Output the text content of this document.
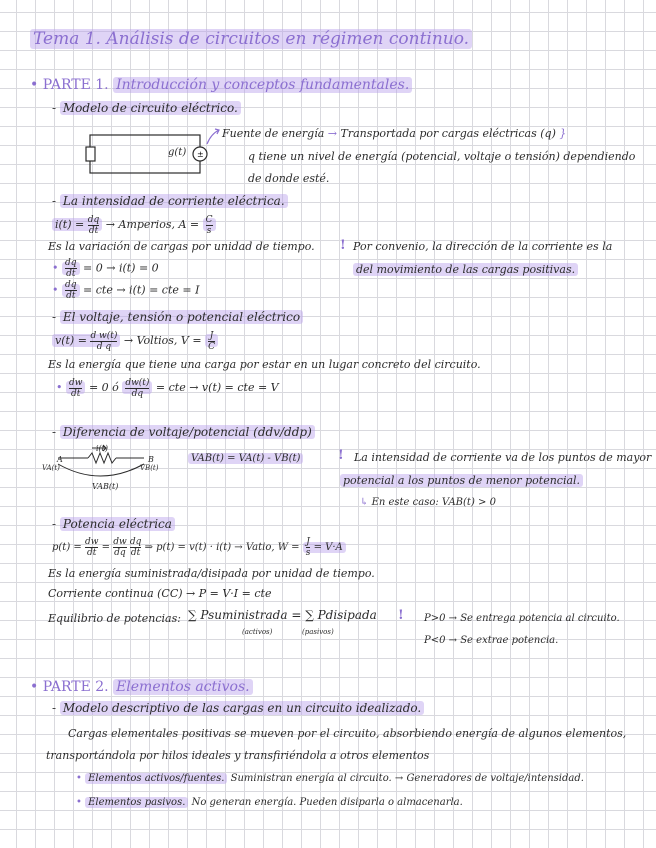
Tema 1. Análisis de circuitos en régimen continuo.
• PARTE 1. Introducción y conceptos fundamentales.
- Modelo de circuito eléctrico.
±
g(t)
Fuente de energía → Transportada por cargas eléctricas (q) }
q tiene un nivel de energía (potencial, voltaje o tensión) dependiendo
de donde esté.
- La intensidad de corriente eléctrica.
$i(t) = \frac{dq}{dt}$ → Amperios, $A = \frac{C}{s}$
Es la variación de cargas por unidad de tiempo.
• $\frac{dq}{dt} = 0 \to i(t) = 0$
• $\frac{dq}{dt}$ = cte → i(t) = cte = I
! Por convenio, la dirección de la corriente es la
del movimiento de las cargas positivas.
- El voltaje, tensión o potencial eléctrico
$v(t) = \frac{\text{d w(t)}}{\text{d q}}$ → Voltios, $V = \frac{J}{C}$
Es la energía que tiene una carga por estar en un lugar concreto del circuito.
• $\frac{dw}{dt} = 0$ ó $\frac{dw(t)}{dq}$ = cte → v(t) = cte = V
- Diferencia de voltaje/potencial (ddv/ddp)
i(t)
A	B
VA(t)	VB(t)
VAB(t)
VAB(t) = VA(t) - VB(t)	! La intensidad de corriente va de los puntos de mayor
potencial a los puntos de menor potencial.
↳ En este caso: VAB(t) > 0
- Potencia eléctrica
$p(t) = \frac{dw}{dt} = \frac{dw}{dq}$
$\frac{dq}{dt}$ ⇒ p(t) = v(t) · i(t) → Vatio, $W = \frac{J}{s} = V\cdot A$
Es la energía suministrada/disipada por unidad de tiempo.
Corriente continua (CC) → P = V·I = cte
Equilibrio de potencias: ∑ Psuministrada = ∑ Pdisipada
(activos)	(pasivos)
! P>0 → Se entrega potencia al circuito.
P<0 → Se extrae potencia.
• PARTE 2. Elementos activos.
- Modelo descriptivo de las cargas en un circuito idealizado.
Cargas elementales positivas se mueven por el circuito, absorbiendo energía de algunos elementos,
transportándola por hilos ideales y transfiriéndola a otros elementos
• Elementos activos/fuentes. Suministran energía al circuito. → Generadores de voltaje/intensidad.
• Elementos pasivos. No generan energía. Pueden disiparla o almacenarla.
